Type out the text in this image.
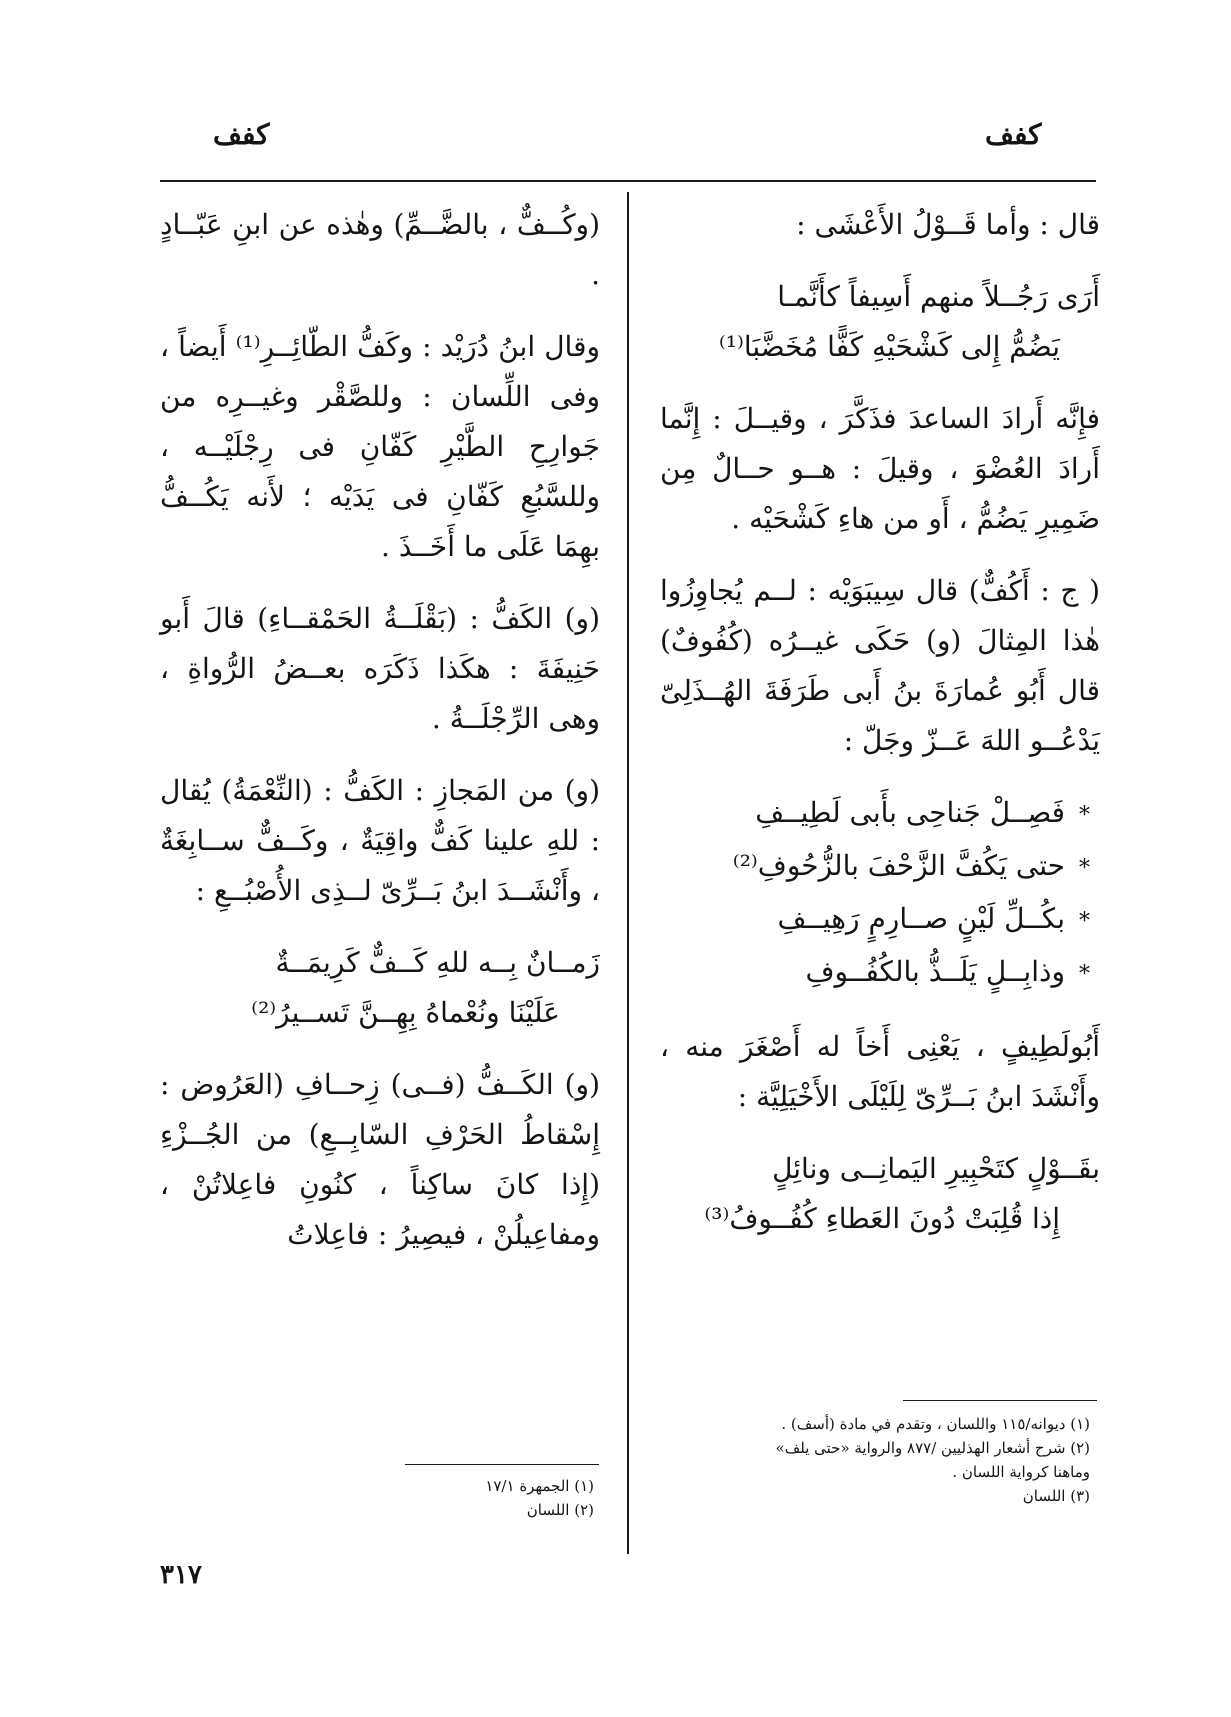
كفف	كفف

قال : وأما قَــوْلُ الأَعْشَى :

أَرَى رَجُــلاً منهم أَسِيفاً كأَنَّمـا
يَضُمُّ إِلى كَشْحَيْهِ كَفًّا مُخَضَّبَا⁽¹⁾

فإِنَّه أَرادَ الساعدَ فذَكَّرَ ، وقيــلَ : إِنَّما أَرادَ العُضْوَ ، وقيلَ : هــو حــالٌ مِن ضَمِيرِ يَضُمُّ ، أَو من هاءِ كَشْحَيْه .

( ج : أَكُفٌّ) قال سِيبَوَيْه : لــم يُجاوِزُوا هٰذا المِثالَ (و) حَكَى غيــرُه (كُفُوفٌ) قال أَبُو عُمارَةَ بنُ أَبى طَرَفَةَ الهُــذَلِىّ يَدْعُــو اللهَ عَــزّ وجَلّ :

*فَصِــلْ جَناحِى بأَبى لَطِيــفِ
*حتى يَكُفَّ الزَّحْفَ بالزُّحُوفِ⁽²⁾
*بكُــلِّ لَيْنٍ صــارِمٍ رَهِيــفِ
*وذابِــلٍ يَلَــذُّ بالكُفُــوفِ

أَبُولَطِيفٍ ، يَعْنِى أَخاً له أَصْغَرَ منه ، وأَنْشَدَ ابنُ بَــرِّىّ لِلَيْلَى الأَخْيَلِيَّة :

بقَــوْلٍ كتَحْبِيرِ اليَمانِــى ونائِلٍ
إِذا قُلِبَتْ دُونَ العَطاءِ كُفُــوفُ⁽³⁾

(وكُــفٌّ ، بالضَّــمِّ) وهٰذه عن ابنِ عَبّــادٍ .

وقال ابنُ دُرَيْد : وكَفُّ الطّائِــرِ⁽¹⁾ أَيضاً ، وفى اللِّسان : وللصَّقْر وغيــرِه من جَوارِحِ الطَّيْرِ كَفّانِ فى رِجْلَيْــه ، وللسَّبُعِ كَفّانِ فى يَدَيْه ؛ لأَنه يَكُــفُّ بهِمَا عَلَى ما أَخَــذَ .

(و) الكَفُّ : (بَقْلَــةُ الحَمْقــاءِ) قالَ أَبو حَنِيفَةَ : هكَذا ذَكَرَه بعــضُ الرُّواةِ ، وهى الرِّجْلَــةُ .

(و) من المَجازِ : الكَفُّ : (النِّعْمَةُ) يُقال : للهِ علينا كَفٌّ واقِيَةٌ ، وكَــفٌّ ســابِغَةٌ ، وأَنْشَــدَ ابنُ بَــرِّىّ لــذِى الأُصْبُــعِ :

زَمــانٌ بِــه للهِ كَــفٌّ كَرِيمَــةٌ
عَلَيْنَا ونُعْماهُ بِهِــنَّ تَســيرُ⁽²⁾

(و) الكَــفُّ (فــى) زِحــافِ (العَرُوض : إِسْقاطُ الحَرْفِ السّابِــعِ) من الجُــزْءِ (إِذا كانَ ساكِناً ، كنُونِ فاعِلاتُنْ ، ومفاعِيلُنْ ، فيصِيرُ : فاعِلاتُ

(١) ديوانه/١١٥ واللسان ، وتقدم في مادة (أسف) .
(٢) شرح أشعار الهذليين /٨٧٧ والرواية «حتى يلف»
وماهنا كرواية اللسان .
(٣) اللسان
(١) الجمهرة ١٧/١
(٢) اللسان
٣١٧
